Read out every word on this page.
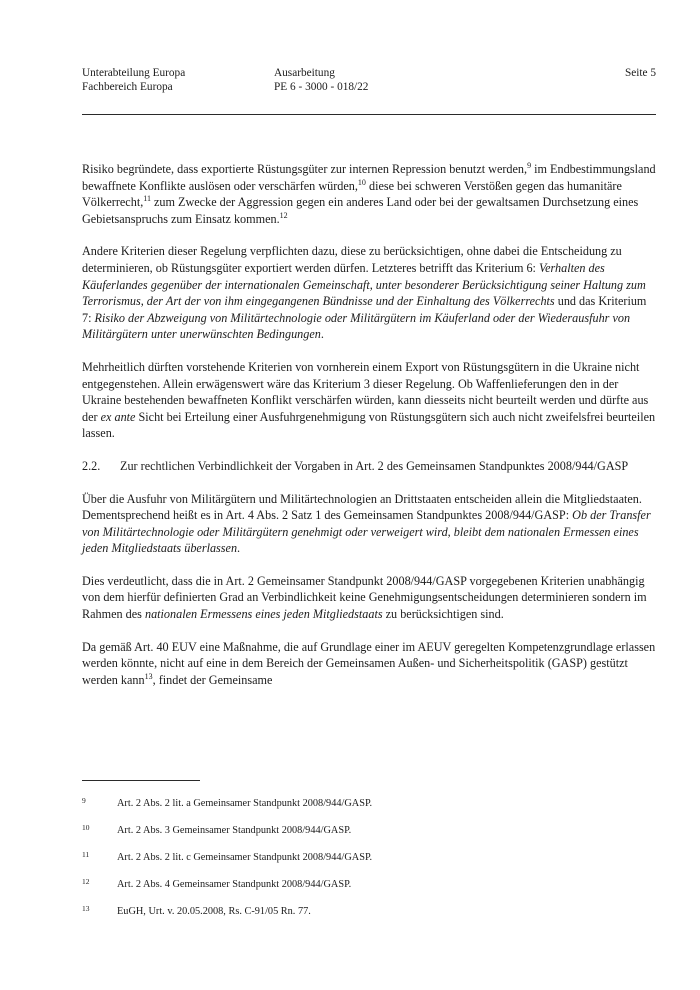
Unterabteilung Europa
Fachbereich Europa
Ausarbeitung
PE 6 - 3000 - 018/22
Seite 5

Risiko begründete, dass exportierte Rüstungsgüter zur internen Repression benutzt werden,$^9$ im Endbestimmungsland bewaffnete Konflikte auslösen oder verschärfen würden,$^{10}$ diese bei schweren Verstößen gegen das humanitäre Völkerrecht,$^{11}$ zum Zwecke der Aggression gegen ein anderes Land oder bei der gewaltsamen Durchsetzung eines Gebietsanspruchs zum Einsatz kommen.$^{12}$

Andere Kriterien dieser Regelung verpflichten dazu, diese zu berücksichtigen, ohne dabei die Entscheidung zu determinieren, ob Rüstungsgüter exportiert werden dürfen. Letzteres betrifft das Kriterium 6: Verhalten des Käuferlandes gegenüber der internationalen Gemeinschaft, unter besonderer Berücksichtigung seiner Haltung zum Terrorismus, der Art der von ihm eingegangenen Bündnisse und der Einhaltung des Völkerrechts und das Kriterium 7: Risiko der Abzweigung von Militärtechnologie oder Militärgütern im Käuferland oder der Wiederausfuhr von Militärgütern unter unerwünschten Bedingungen.

Mehrheitlich dürften vorstehende Kriterien von vornherein einem Export von Rüstungsgütern in die Ukraine nicht entgegenstehen. Allein erwägenswert wäre das Kriterium 3 dieser Regelung. Ob Waffenlieferungen den in der Ukraine bestehenden bewaffneten Konflikt verschärfen würden, kann diesseits nicht beurteilt werden und dürfte aus der ex ante Sicht bei Erteilung einer Ausfuhrgenehmigung von Rüstungsgütern sich auch nicht zweifelsfrei beurteilen lassen.

2.2.	Zur rechtlichen Verbindlichkeit der Vorgaben in Art. 2 des Gemeinsamen Standpunktes 2008/944/GASP

Über die Ausfuhr von Militärgütern und Militärtechnologien an Drittstaaten entscheiden allein die Mitgliedstaaten. Dementsprechend heißt es in Art. 4 Abs. 2 Satz 1 des Gemeinsamen Standpunktes 2008/944/GASP: Ob der Transfer von Militärtechnologie oder Militärgütern genehmigt oder verweigert wird, bleibt dem nationalen Ermessen eines jeden Mitgliedstaats überlassen.

Dies verdeutlicht, dass die in Art. 2 Gemeinsamer Standpunkt 2008/944/GASP vorgegebenen Kriterien unabhängig von dem hierfür definierten Grad an Verbindlichkeit keine Genehmigungsentscheidungen determinieren sondern im Rahmen des nationalen Ermessens eines jeden Mitgliedstaats zu berücksichtigen sind.

Da gemäß Art. 40 EUV eine Maßnahme, die auf Grundlage einer im AEUV geregelten Kompetenzgrundlage erlassen werden könnte, nicht auf eine in dem Bereich der Gemeinsamen Außen- und Sicherheitspolitik (GASP) gestützt werden kann$^{13}$, findet der Gemeinsame

9	Art. 2 Abs. 2 lit. a Gemeinsamer Standpunkt 2008/944/GASP.
10	Art. 2 Abs. 3 Gemeinsamer Standpunkt 2008/944/GASP.
11	Art. 2 Abs. 2 lit. c Gemeinsamer Standpunkt 2008/944/GASP.
12	Art. 2 Abs. 4 Gemeinsamer Standpunkt 2008/944/GASP.
13	EuGH, Urt. v. 20.05.2008, Rs. C-91/05 Rn. 77.
